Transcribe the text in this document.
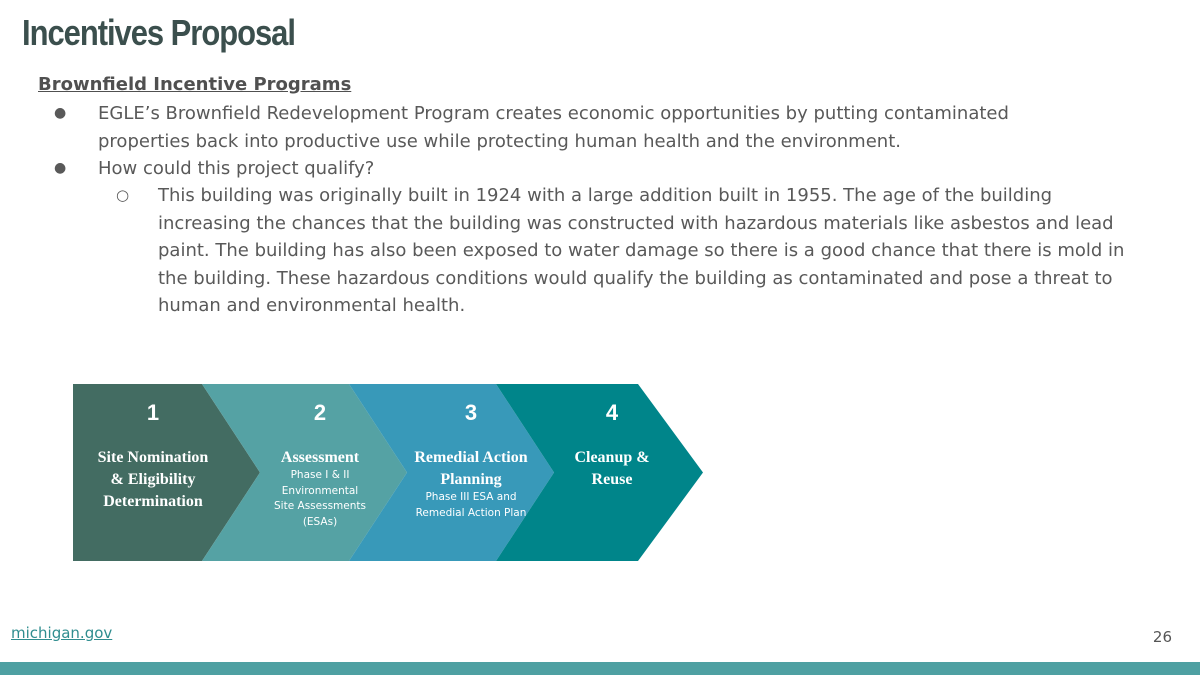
Incentives Proposal
Brownfield Incentive Programs
● EGLE’s Brownfield Redevelopment Program creates economic opportunities by putting contaminated properties back into productive use while protecting human health and the environment.
● How could this project qualify?
○ This building was originally built in 1924 with a large addition built in 1955. The age of the building increasing the chances that the building was constructed with hazardous materials like asbestos and lead paint. The building has also been exposed to water damage so there is a good chance that there is mold in the building. These hazardous conditions would qualify the building as contaminated and pose a threat to human and environmental health.
1
Site Nomination
& Eligibility
Determination
2
Assessment
Phase I & II
Environmental
Site Assessments
(ESAs)
3
Remedial Action
Planning
Phase III ESA and
Remedial Action Plan
4
Cleanup &
Reuse
michigan.gov	26
